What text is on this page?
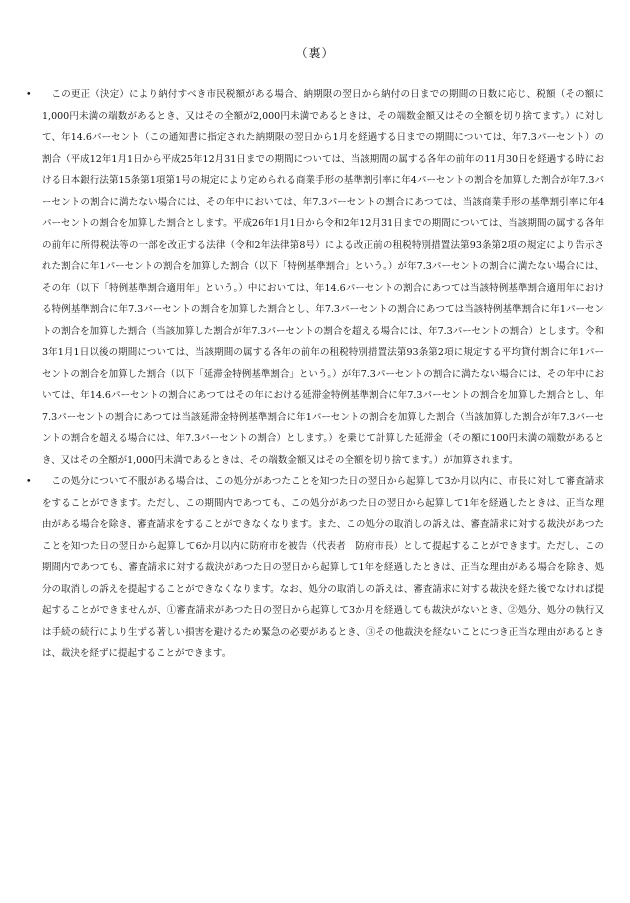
（裏）
•	この更正（決定）により納付すべき市民税額がある場合、納期限の翌日から納付の日までの期間の日数に応じ、税額（その額に1,000円未満の端数があるとき、又はその全額が2,000円未満であるときは、その端数金額又はその全額を切り捨てます。）に対して、年14.6パーセント（この通知書に指定された納期限の翌日から1月を経過する日までの期間については、年7.3パーセント）の割合（平成12年1月1日から平成25年12月31日までの期間については、当該期間の属する各年の前年の11月30日を経過する時における日本銀行法第15条第1項第1号の規定により定められる商業手形の基準割引率に年4パーセントの割合を加算した割合が年7.3パーセントの割合に満たない場合には、その年中においては、年7.3パーセントの割合にあつては、当該商業手形の基準割引率に年4パーセントの割合を加算した割合とします。平成26年1月1日から令和2年12月31日までの期間については、当該期間の属する各年の前年に所得税法等の一部を改正する法律（令和2年法律第8号）による改正前の租税特別措置法第93条第2項の規定により告示された割合に年1パーセントの割合を加算した割合（以下「特例基準割合」という。）が年7.3パーセントの割合に満たない場合には、その年（以下「特例基準割合適用年」という。）中においては、年14.6パーセントの割合にあつては当該特例基準割合適用年における特例基準割合に年7.3パーセントの割合を加算した割合とし、年7.3パーセントの割合にあつては当該特例基準割合に年1パーセントの割合を加算した割合（当該加算した割合が年7.3パーセントの割合を超える場合には、年7.3パーセントの割合）とします。令和3年1月1日以後の期間については、当該期間の属する各年の前年の租税特別措置法第93条第2項に規定する平均貸付割合に年1パーセントの割合を加算した割合（以下「延滞金特例基準割合」という。）が年7.3パーセントの割合に満たない場合には、その年中においては、年14.6パーセントの割合にあつてはその年における延滞金特例基準割合に年7.3パーセントの割合を加算した割合とし、年7.3パーセントの割合にあつては当該延滞金特例基準割合に年1パーセントの割合を加算した割合（当該加算した割合が年7.3パーセントの割合を超える場合には、年7.3パーセントの割合）とします。）を乗じて計算した延滞金（その額に100円未満の端数があるとき、又はその全額が1,000円未満であるときは、その端数金額又はその全額を切り捨てます。）が加算されます。
•	この処分について不服がある場合は、この処分があつたことを知つた日の翌日から起算して3か月以内に、市長に対して審査請求をすることができます。ただし、この期間内であつても、この処分があつた日の翌日から起算して1年を経過したときは、正当な理由がある場合を除き、審査請求をすることができなくなります。また、この処分の取消しの訴えは、審査請求に対する裁決があつたことを知つた日の翌日から起算して6か月以内に防府市を被告（代表者　防府市長）として提起することができます。ただし、この期間内であつても、審査請求に対する裁決があつた日の翌日から起算して1年を経過したときは、正当な理由がある場合を除き、処分の取消しの訴えを提起することができなくなります。なお、処分の取消しの訴えは、審査請求に対する裁決を経た後でなければ提起することができませんが、①審査請求があつた日の翌日から起算して3か月を経過しても裁決がないとき、②処分、処分の執行又は手続の続行により生ずる著しい損害を避けるため緊急の必要があるとき、③その他裁決を経ないことにつき正当な理由があるときは、裁決を経ずに提起することができます。
